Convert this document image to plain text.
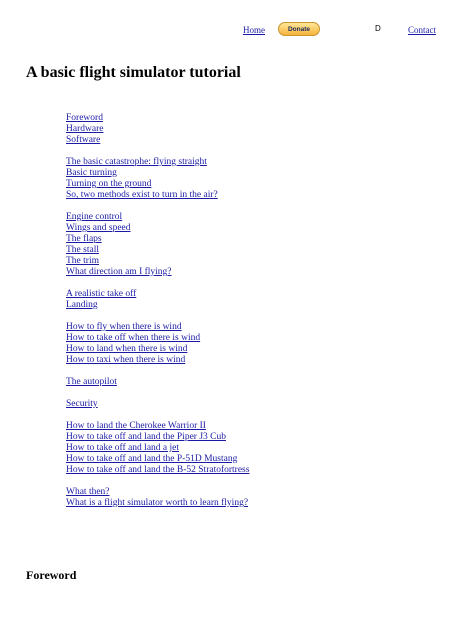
Home	Donate	D	Contact
A basic flight simulator tutorial
Foreword
Hardware
Software
The basic catastrophe: flying straight
Basic turning
Turning on the ground
So, two methods exist to turn in the air?
Engine control
Wings and speed
The flaps
The stall
The trim
What direction am I flying?
A realistic take off
Landing
How to fly when there is wind
How to take off when there is wind
How to land when there is wind
How to taxi when there is wind
The autopilot
Security
How to land the Cherokee Warrior II
How to take off and land the Piper J3 Cub
How to take off and land a jet
How to take off and land the P-51D Mustang
How to take off and land the B-52 Stratofortress
What then?
What is a flight simulator worth to learn flying?
Foreword
